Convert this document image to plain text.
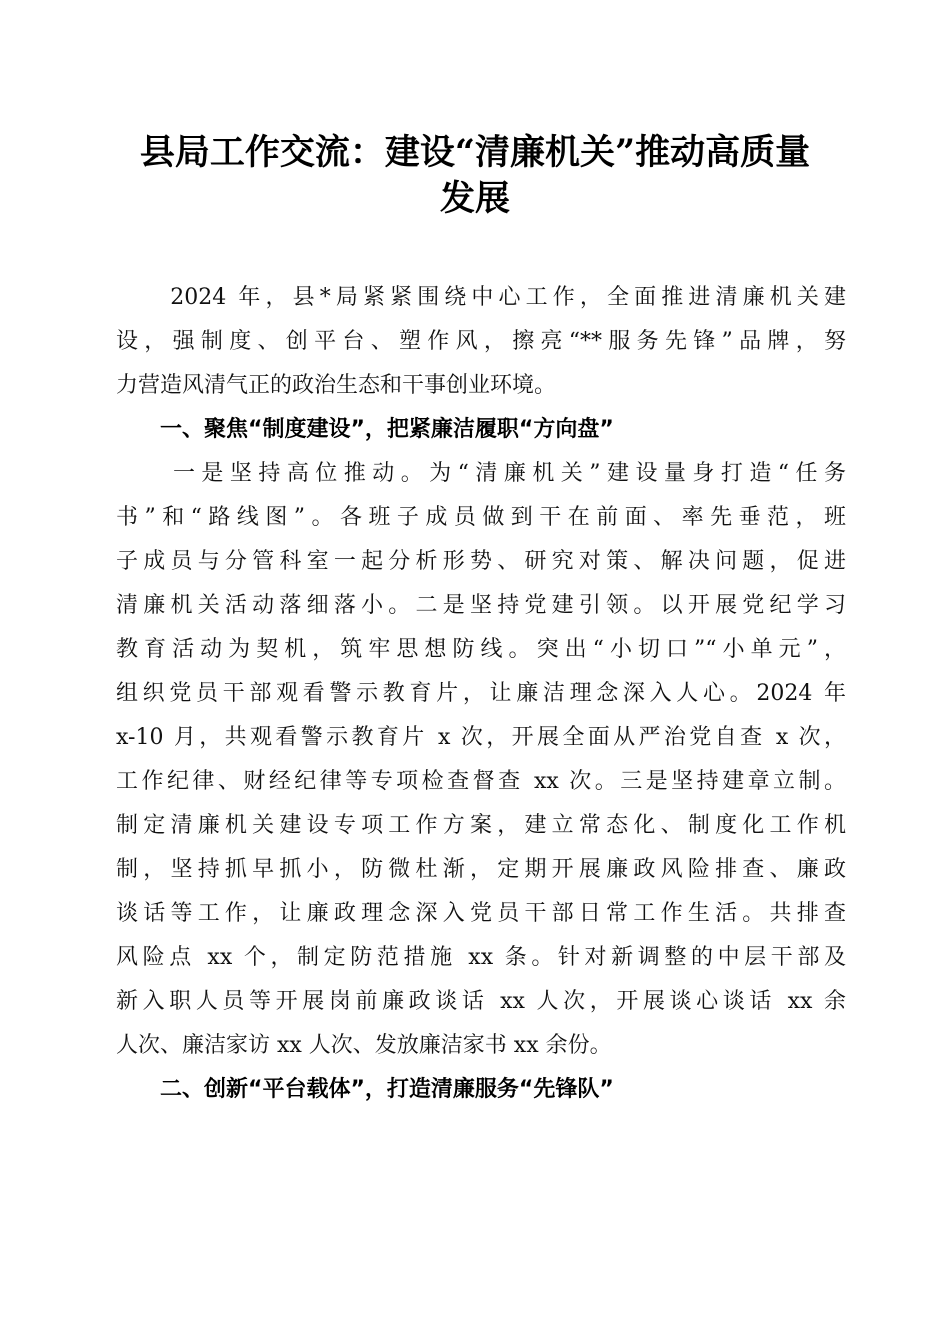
县局工作交流：建设“清廉机关”推动高质量
发展
　　2024 年，县*局紧紧围绕中心工作，全面推进清廉机关建
设，强制度、创平台、塑作风，擦亮“**服务先锋”品牌，努
力营造风清气正的政治生态和干事创业环境。
　　一、聚焦“制度建设”，把紧廉洁履职“方向盘”
　　一是坚持高位推动。为“清廉机关”建设量身打造“任务
书”和“路线图”。各班子成员做到干在前面、率先垂范，班
子成员与分管科室一起分析形势、研究对策、解决问题，促进
清廉机关活动落细落小。二是坚持党建引领。以开展党纪学习
教育活动为契机，筑牢思想防线。突出“小切口”“小单元”，
组织党员干部观看警示教育片，让廉洁理念深入人心。2024 年
x-10 月，共观看警示教育片 x 次，开展全面从严治党自查 x 次，
工作纪律、财经纪律等专项检查督查 xx 次。三是坚持建章立制。
制定清廉机关建设专项工作方案，建立常态化、制度化工作机
制，坚持抓早抓小，防微杜渐，定期开展廉政风险排查、廉政
谈话等工作，让廉政理念深入党员干部日常工作生活。共排查
风险点 xx 个，制定防范措施 xx 条。针对新调整的中层干部及
新入职人员等开展岗前廉政谈话 xx 人次，开展谈心谈话 xx 余
人次、廉洁家访 xx 人次、发放廉洁家书 xx 余份。
　　二、创新“平台载体”，打造清廉服务“先锋队”
